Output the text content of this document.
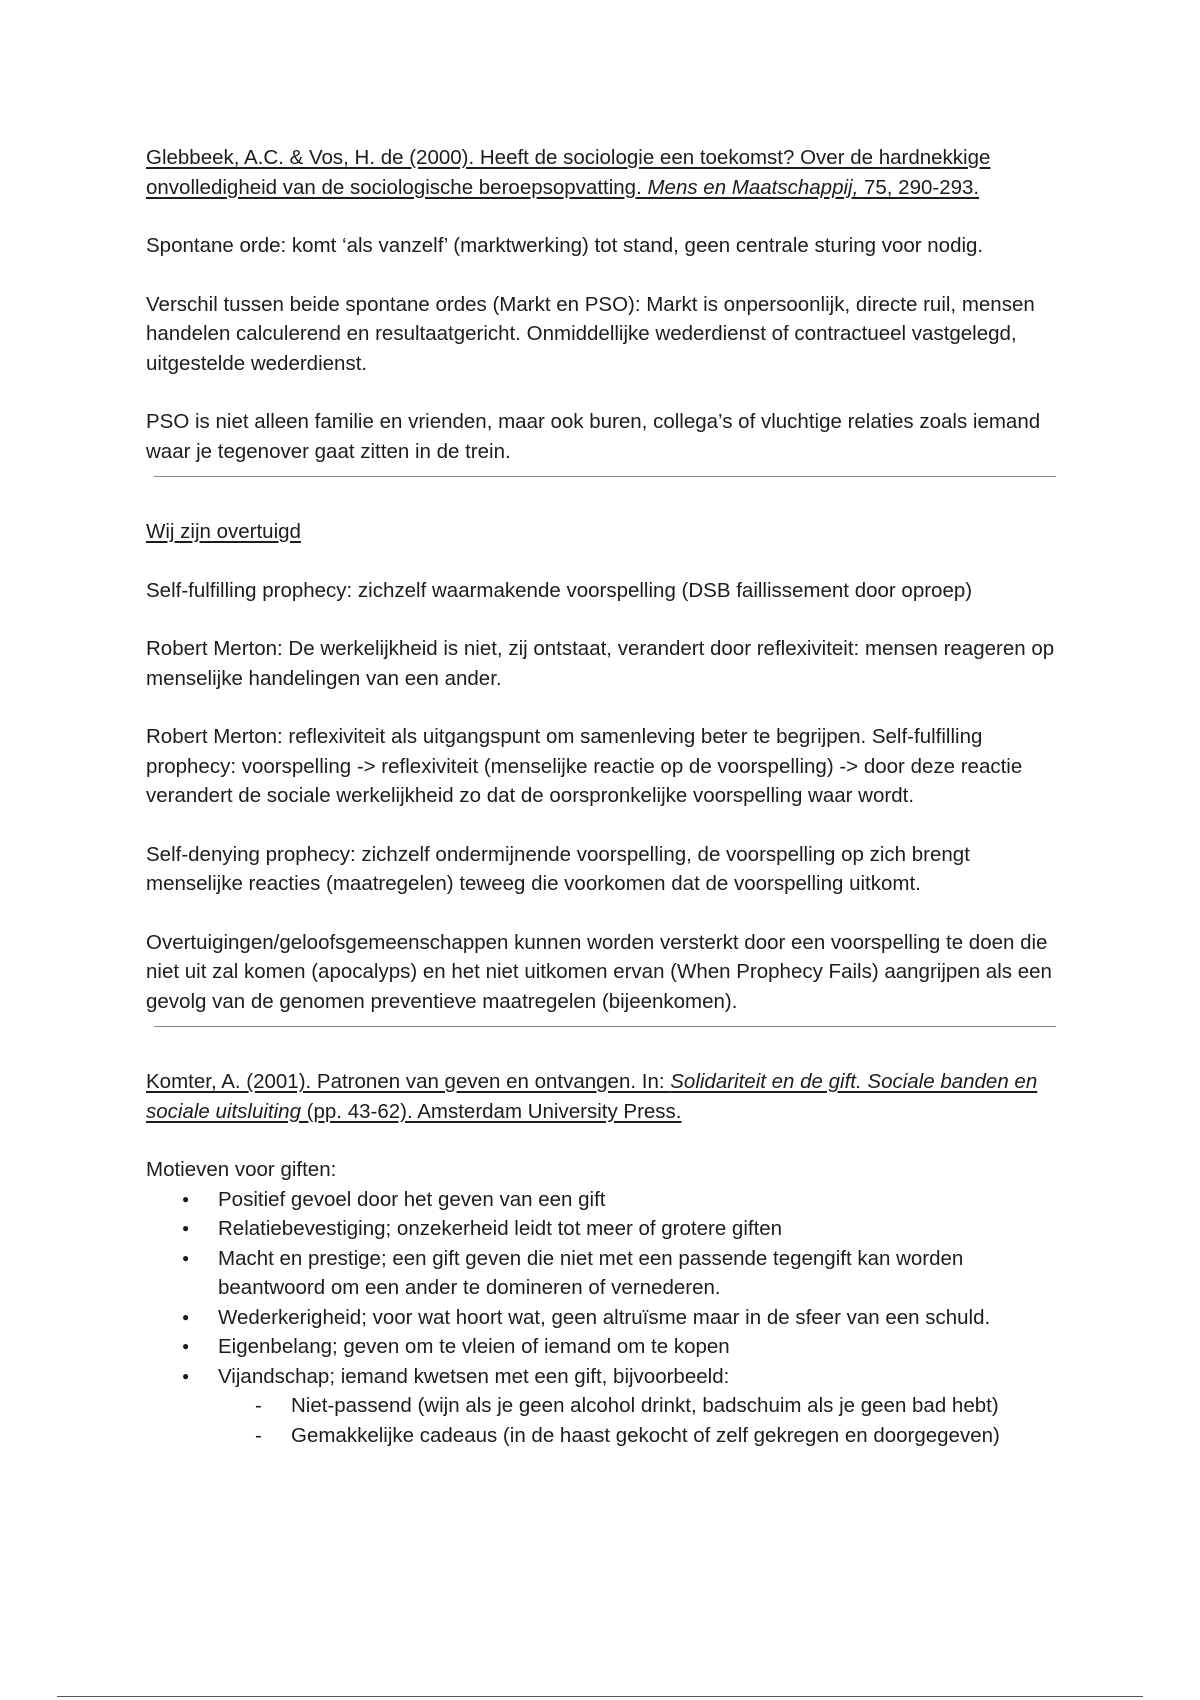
Glebbeek, A.C. & Vos, H. de (2000). Heeft de sociologie een toekomst? Over de hardnekkige onvolledigheid van de sociologische beroepsopvatting. Mens en Maatschappij, 75, 290-293.

Spontane orde: komt ‘als vanzelf’ (marktwerking) tot stand, geen centrale sturing voor nodig.

Verschil tussen beide spontane ordes (Markt en PSO): Markt is onpersoonlijk, directe ruil, mensen handelen calculerend en resultaatgericht. Onmiddellijke wederdienst of contractueel vastgelegd, uitgestelde wederdienst.

PSO is niet alleen familie en vrienden, maar ook buren, collega’s of vluchtige relaties zoals iemand waar je tegenover gaat zitten in de trein.

Wij zijn overtuigd

Self-fulfilling prophecy: zichzelf waarmakende voorspelling (DSB faillissement door oproep)

Robert Merton: De werkelijkheid is niet, zij ontstaat, verandert door reflexiviteit: mensen reageren op menselijke handelingen van een ander.

Robert Merton: reflexiviteit als uitgangspunt om samenleving beter te begrijpen. Self-fulfilling prophecy: voorspelling -> reflexiviteit (menselijke reactie op de voorspelling) -> door deze reactie verandert de sociale werkelijkheid zo dat de oorspronkelijke voorspelling waar wordt.

Self-denying prophecy: zichzelf ondermijnende voorspelling, de voorspelling op zich brengt menselijke reacties (maatregelen) teweeg die voorkomen dat de voorspelling uitkomt.

Overtuigingen/geloofsgemeenschappen kunnen worden versterkt door een voorspelling te doen die niet uit zal komen (apocalyps) en het niet uitkomen ervan (When Prophecy Fails) aangrijpen als een gevolg van de genomen preventieve maatregelen (bijeenkomen).

Komter, A. (2001). Patronen van geven en ontvangen. In: Solidariteit en de gift. Sociale banden en sociale uitsluiting (pp. 43-62). Amsterdam University Press.

Motieven voor giften:

● Positief gevoel door het geven van een gift
● Relatiebevestiging; onzekerheid leidt tot meer of grotere giften
● Macht en prestige; een gift geven die niet met een passende tegengift kan worden beantwoord om een ander te domineren of vernederen.
● Wederkerigheid; voor wat hoort wat, geen altruïsme maar in de sfeer van een schuld.
● Eigenbelang; geven om te vleien of iemand om te kopen
● Vijandschap; iemand kwetsen met een gift, bijvoorbeeld:
- Niet-passend (wijn als je geen alcohol drinkt, badschuim als je geen bad hebt)
- Gemakkelijke cadeaus (in de haast gekocht of zelf gekregen en doorgegeven)
